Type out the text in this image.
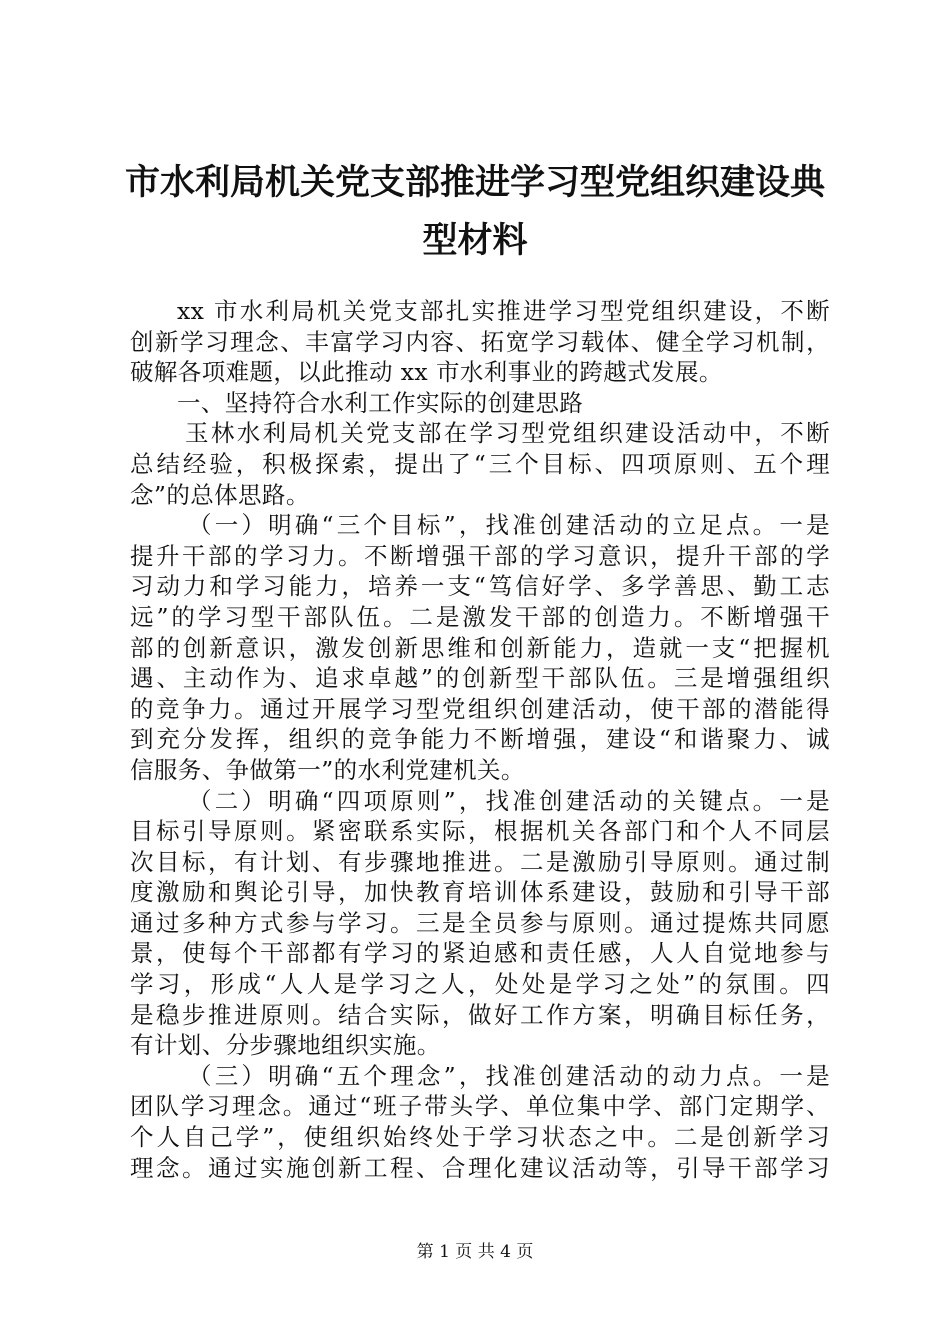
市水利局机关党支部推进学习型党组织建设典
型材料
xx 市水利局机关党支部扎实推进学习型党组织建设，不断
创新学习理念、丰富学习内容、拓宽学习载体、健全学习机制，
破解各项难题，以此推动 xx 市水利事业的跨越式发展。
一、坚持符合水利工作实际的创建思路
玉林水利局机关党支部在学习型党组织建设活动中，不断
总结经验，积极探索，提出了“三个目标、四项原则、五个理
念”的总体思路。
（一）明确“三个目标”，找准创建活动的立足点。一是
提升干部的学习力。不断增强干部的学习意识，提升干部的学
习动力和学习能力，培养一支“笃信好学、多学善思、勤工志
远”的学习型干部队伍。二是激发干部的创造力。不断增强干
部的创新意识，激发创新思维和创新能力，造就一支“把握机
遇、主动作为、追求卓越”的创新型干部队伍。三是增强组织
的竞争力。通过开展学习型党组织创建活动，使干部的潜能得
到充分发挥，组织的竞争能力不断增强，建设“和谐聚力、诚
信服务、争做第一”的水利党建机关。
（二）明确“四项原则”，找准创建活动的关键点。一是
目标引导原则。紧密联系实际，根据机关各部门和个人不同层
次目标，有计划、有步骤地推进。二是激励引导原则。通过制
度激励和舆论引导，加快教育培训体系建设，鼓励和引导干部
通过多种方式参与学习。三是全员参与原则。通过提炼共同愿
景，使每个干部都有学习的紧迫感和责任感，人人自觉地参与
学习，形成“人人是学习之人，处处是学习之处”的氛围。四
是稳步推进原则。结合实际，做好工作方案，明确目标任务，
有计划、分步骤地组织实施。
（三）明确“五个理念”，找准创建活动的动力点。一是
团队学习理念。通过“班子带头学、单位集中学、部门定期学、
个人自己学”，使组织始终处于学习状态之中。二是创新学习
理念。通过实施创新工程、合理化建议活动等，引导干部学习
第 1 页 共 4 页
